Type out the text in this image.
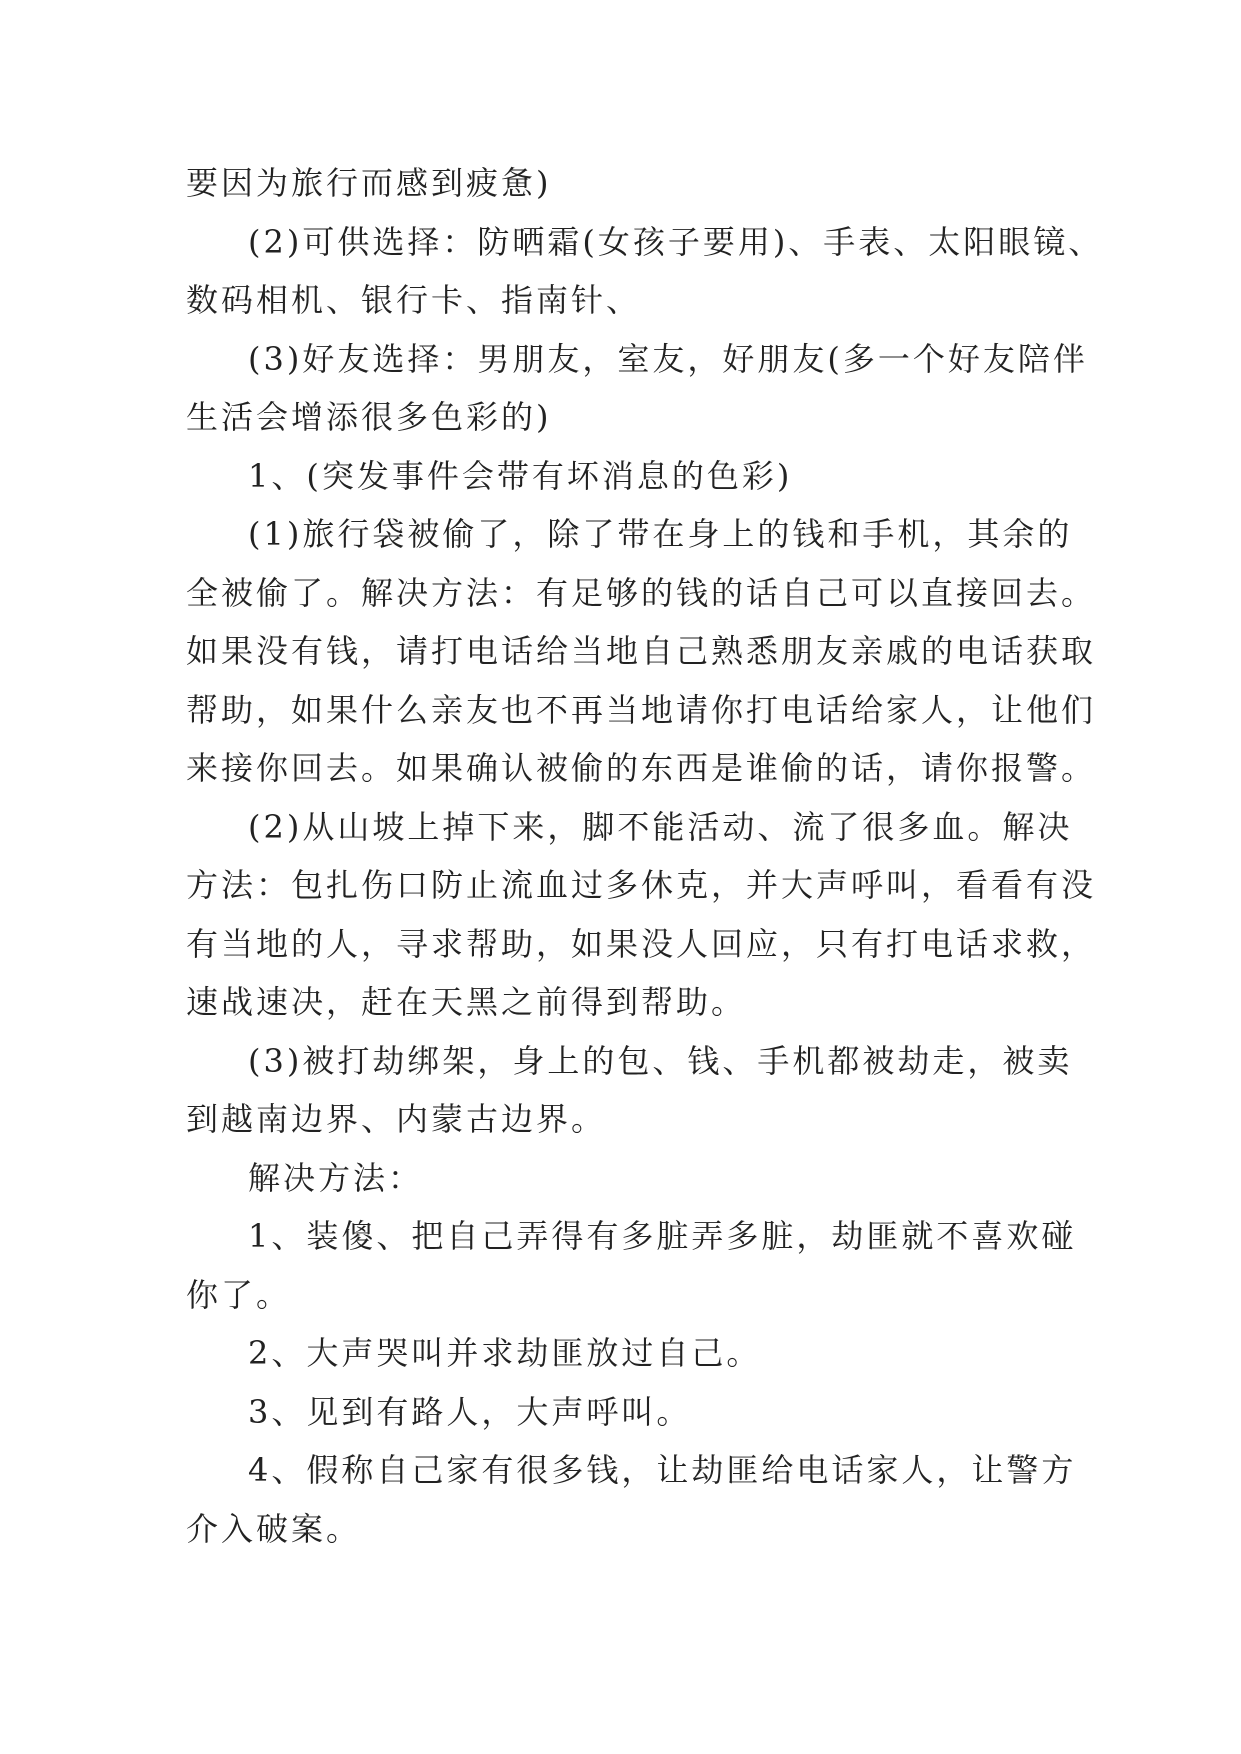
要因为旅行而感到疲惫)

(2)可供选择：防晒霜(女孩子要用)、手表、太阳眼镜、
数码相机、银行卡、指南针、

(3)好友选择：男朋友，室友，好朋友(多一个好友陪伴
生活会增添很多色彩的)

1、(突发事件会带有坏消息的色彩)

(1)旅行袋被偷了，除了带在身上的钱和手机，其余的
全被偷了。解决方法：有足够的钱的话自己可以直接回去。
如果没有钱，请打电话给当地自己熟悉朋友亲戚的电话获取
帮助，如果什么亲友也不再当地请你打电话给家人，让他们
来接你回去。如果确认被偷的东西是谁偷的话，请你报警。

(2)从山坡上掉下来，脚不能活动、流了很多血。解决
方法：包扎伤口防止流血过多休克，并大声呼叫，看看有没
有当地的人，寻求帮助，如果没人回应，只有打电话求救，
速战速决，赶在天黑之前得到帮助。

(3)被打劫绑架，身上的包、钱、手机都被劫走，被卖
到越南边界、内蒙古边界。

解决方法：

1、装傻、把自己弄得有多脏弄多脏，劫匪就不喜欢碰
你了。

2、大声哭叫并求劫匪放过自己。

3、见到有路人，大声呼叫。

4、假称自己家有很多钱，让劫匪给电话家人，让警方
介入破案。
